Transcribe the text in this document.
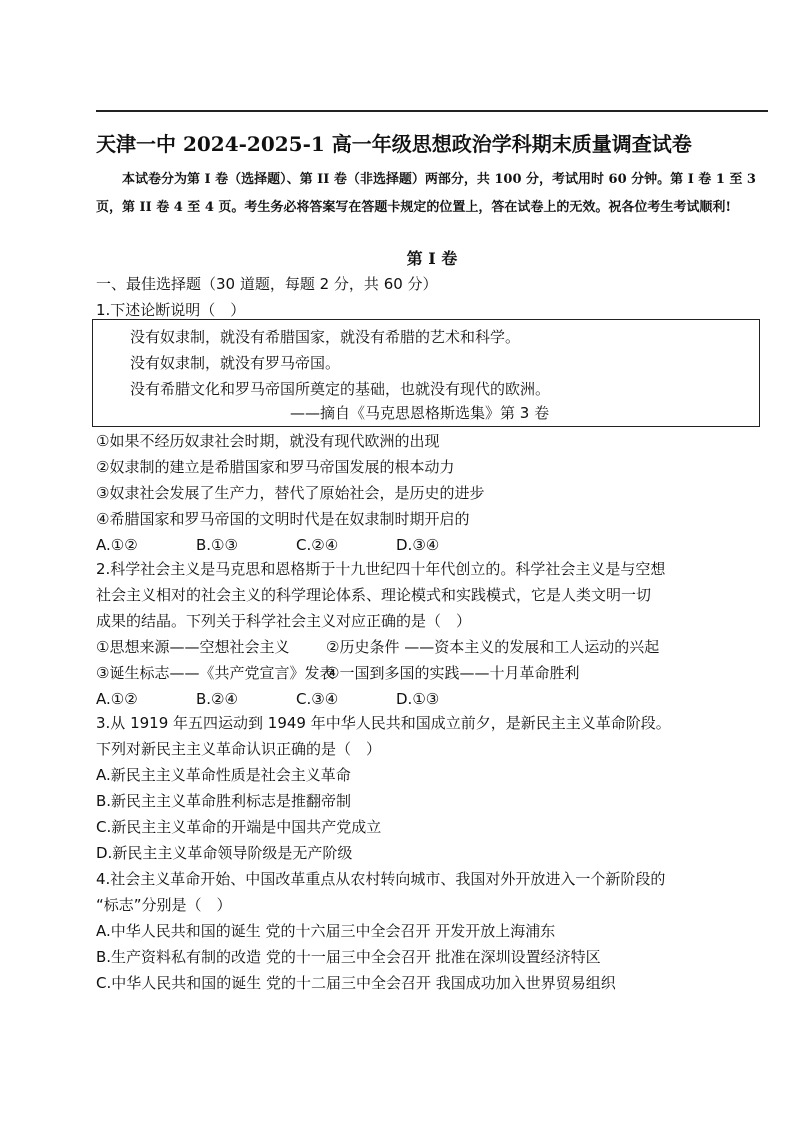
天津一中 2024-2025-1 高一年级思想政治学科期末质量调查试卷
本试卷分为第 I 卷（选择题）、第 II 卷（非选择题）两部分，共 100 分，考试用时 60 分钟。第 I 卷 1 至 3 页，第 II 卷 4 至 4 页。考生务必将答案写在答题卡规定的位置上，答在试卷上的无效。祝各位考生考试顺利!
第 I 卷
一、最佳选择题（30 道题，每题 2 分，共 60 分）
1.下述论断说明（　）
没有奴隶制，就没有希腊国家，就没有希腊的艺术和科学。
没有奴隶制，就没有罗马帝国。
没有希腊文化和罗马帝国所奠定的基础，也就没有现代的欧洲。
——摘自《马克思恩格斯选集》第 3 卷
①如果不经历奴隶社会时期，就没有现代欧洲的出现
②奴隶制的建立是希腊国家和罗马帝国发展的根本动力
③奴隶社会发展了生产力，替代了原始社会，是历史的进步
④希腊国家和罗马帝国的文明时代是在奴隶制时期开启的
A.①②	B.①③	C.②④	D.③④
2.科学社会主义是马克思和恩格斯于十九世纪四十年代创立的。科学社会主义是与空想
社会主义相对的社会主义的科学理论体系、理论模式和实践模式，它是人类文明一切
成果的结晶。下列关于科学社会主义对应正确的是（　）
①思想来源——空想社会主义	②历史条件 ——资本主义的发展和工人运动的兴起
③诞生标志——《共产党宣言》发表
④一国到多国的实践——十月革命胜利
A.①②	B.②④	C.③④	D.①③
3.从 1919 年五四运动到 1949 年中华人民共和国成立前夕，是新民主主义革命阶段。
下列对新民主主义革命认识正确的是（　）
A.新民主主义革命性质是社会主义革命
B.新民主主义革命胜利标志是推翻帝制
C.新民主主义革命的开端是中国共产党成立
D.新民主主义革命领导阶级是无产阶级
4.社会主义革命开始、中国改革重点从农村转向城市、我国对外开放进入一个新阶段的
“标志”分别是（　）
A.中华人民共和国的诞生 党的十六届三中全会召开 开发开放上海浦东
B.生产资料私有制的改造 党的十一届三中全会召开 批准在深圳设置经济特区
C.中华人民共和国的诞生 党的十二届三中全会召开 我国成功加入世界贸易组织
